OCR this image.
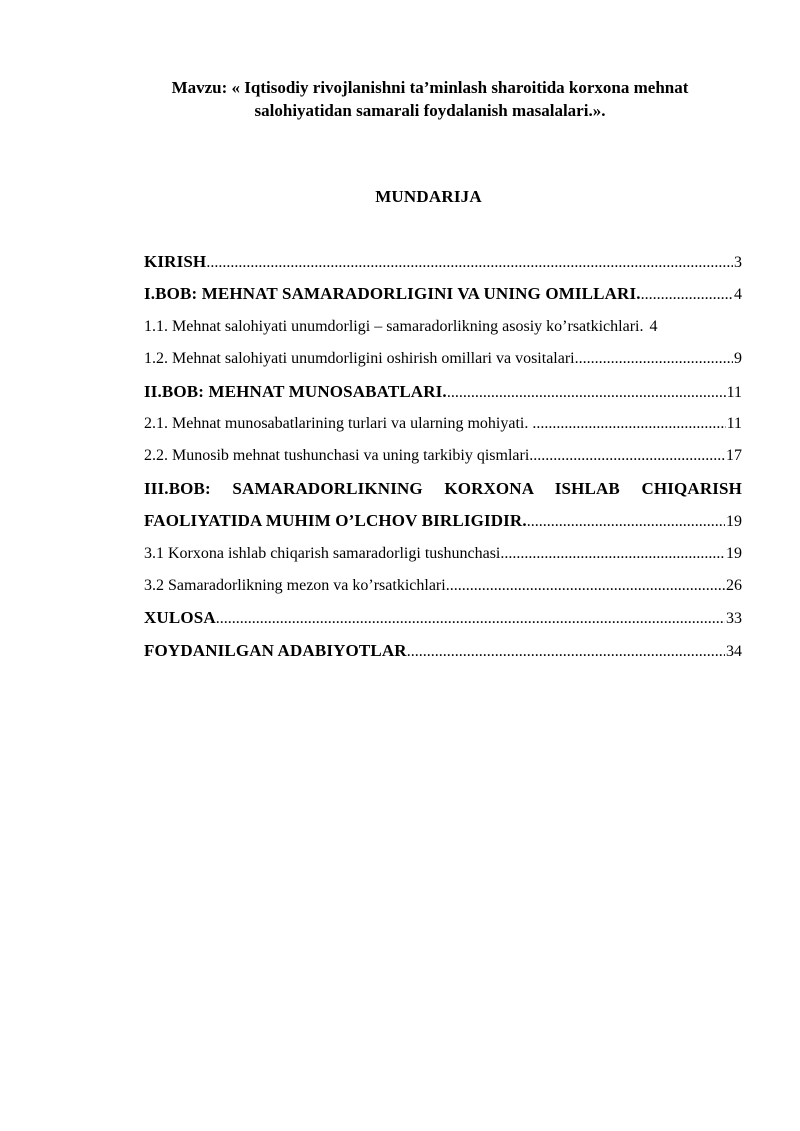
Mavzu: « Iqtisodiy rivojlanishni ta’minlash sharoitida korxona mehnat
salohiyatidan samarali foydalanish masalalari.».
MUNDARIJA
KIRISH .....	3
I.BOB: MEHNAT SAMARADORLIGINI VA UNING OMILLARI. .....	4
1.1. Mehnat salohiyati unumdorligi – samaradorlikning asosiy ko’rsatkichlari. 4
1.2. Mehnat salohiyati unumdorligini oshirish omillari va vositalari .....	9
II.BOB: MEHNAT MUNOSABATLARI. .....	11
2.1. Mehnat munosabatlarining turlari va ularning mohiyati. .....	11
2.2. Munosib mehnat tushunchasi va uning tarkibiy qismlari .....	17
III.BOB: SAMARADORLIKNING KORXONA ISHLAB CHIQARISH
FAOLIYATIDA MUHIM O’LCHOV BIRLIGIDIR. .....	19
3.1 Korxona ishlab chiqarish samaradorligi tushunchasi .....	19
3.2 Samaradorlikning mezon va ko’rsatkichlari .....	26
XULOSA .....	33
FOYDANILGAN ADABIYOTLAR .....	34
